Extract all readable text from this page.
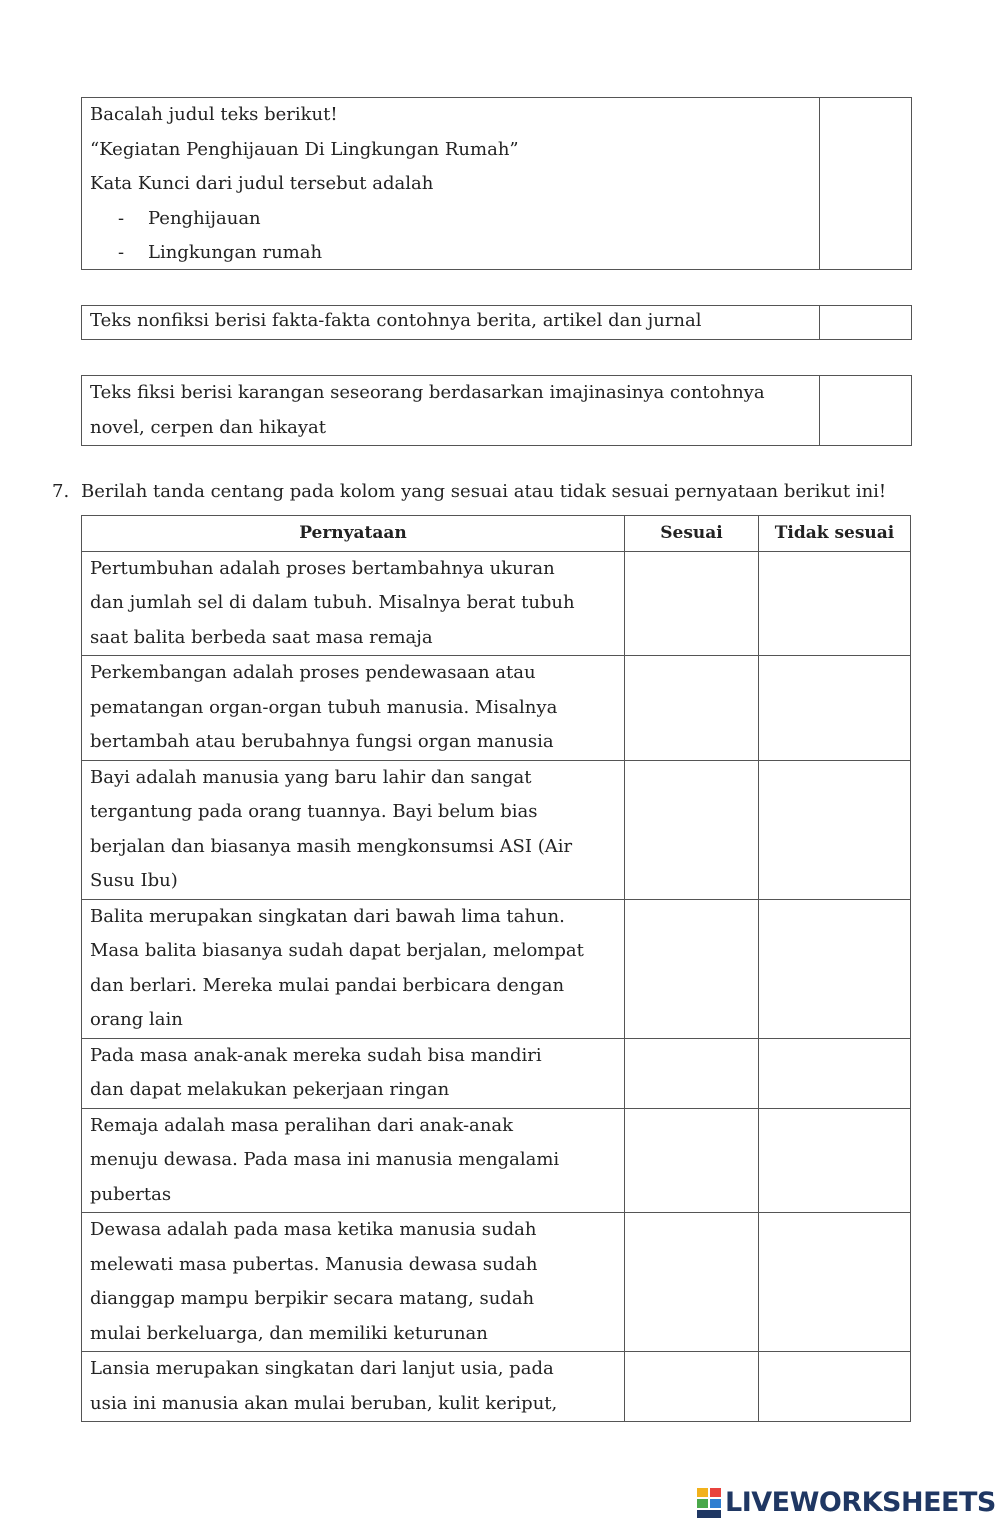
Bacalah judul teks berikut!
“Kegiatan Penghijauan Di Lingkungan Rumah”
Kata Kunci dari judul tersebut adalah
- Penghijauan
- Lingkungan rumah
Teks nonfiksi berisi fakta-fakta contohnya berita, artikel dan jurnal
Teks fiksi berisi karangan seseorang berdasarkan imajinasinya contohnya
novel, cerpen dan hikayat
7. Berilah tanda centang pada kolom yang sesuai atau tidak sesuai pernyataan berikut ini!
Pernyataan	Sesuai	Tidak sesuai

Pertumbuhan adalah proses bertambahnya ukuran
dan jumlah sel di dalam tubuh. Misalnya berat tubuh
saat balita berbeda saat masa remaja		

Perkembangan adalah proses pendewasaan atau
pematangan organ-organ tubuh manusia. Misalnya
bertambah atau berubahnya fungsi organ manusia		

Bayi adalah manusia yang baru lahir dan sangat
tergantung pada orang tuannya. Bayi belum bias
berjalan dan biasanya masih mengkonsumsi ASI (Air
Susu Ibu)		

Balita merupakan singkatan dari bawah lima tahun.
Masa balita biasanya sudah dapat berjalan, melompat
dan berlari. Mereka mulai pandai berbicara dengan
orang lain		

Pada masa anak-anak mereka sudah bisa mandiri
dan dapat melakukan pekerjaan ringan		

Remaja adalah masa peralihan dari anak-anak
menuju dewasa. Pada masa ini manusia mengalami
pubertas		

Dewasa adalah pada masa ketika manusia sudah
melewati masa pubertas. Manusia dewasa sudah
dianggap mampu berpikir secara matang, sudah
mulai berkeluarga, dan memiliki keturunan		

Lansia merupakan singkatan dari lanjut usia, pada
usia ini manusia akan mulai beruban, kulit keriput,		

LIVEWORKSHEETS
